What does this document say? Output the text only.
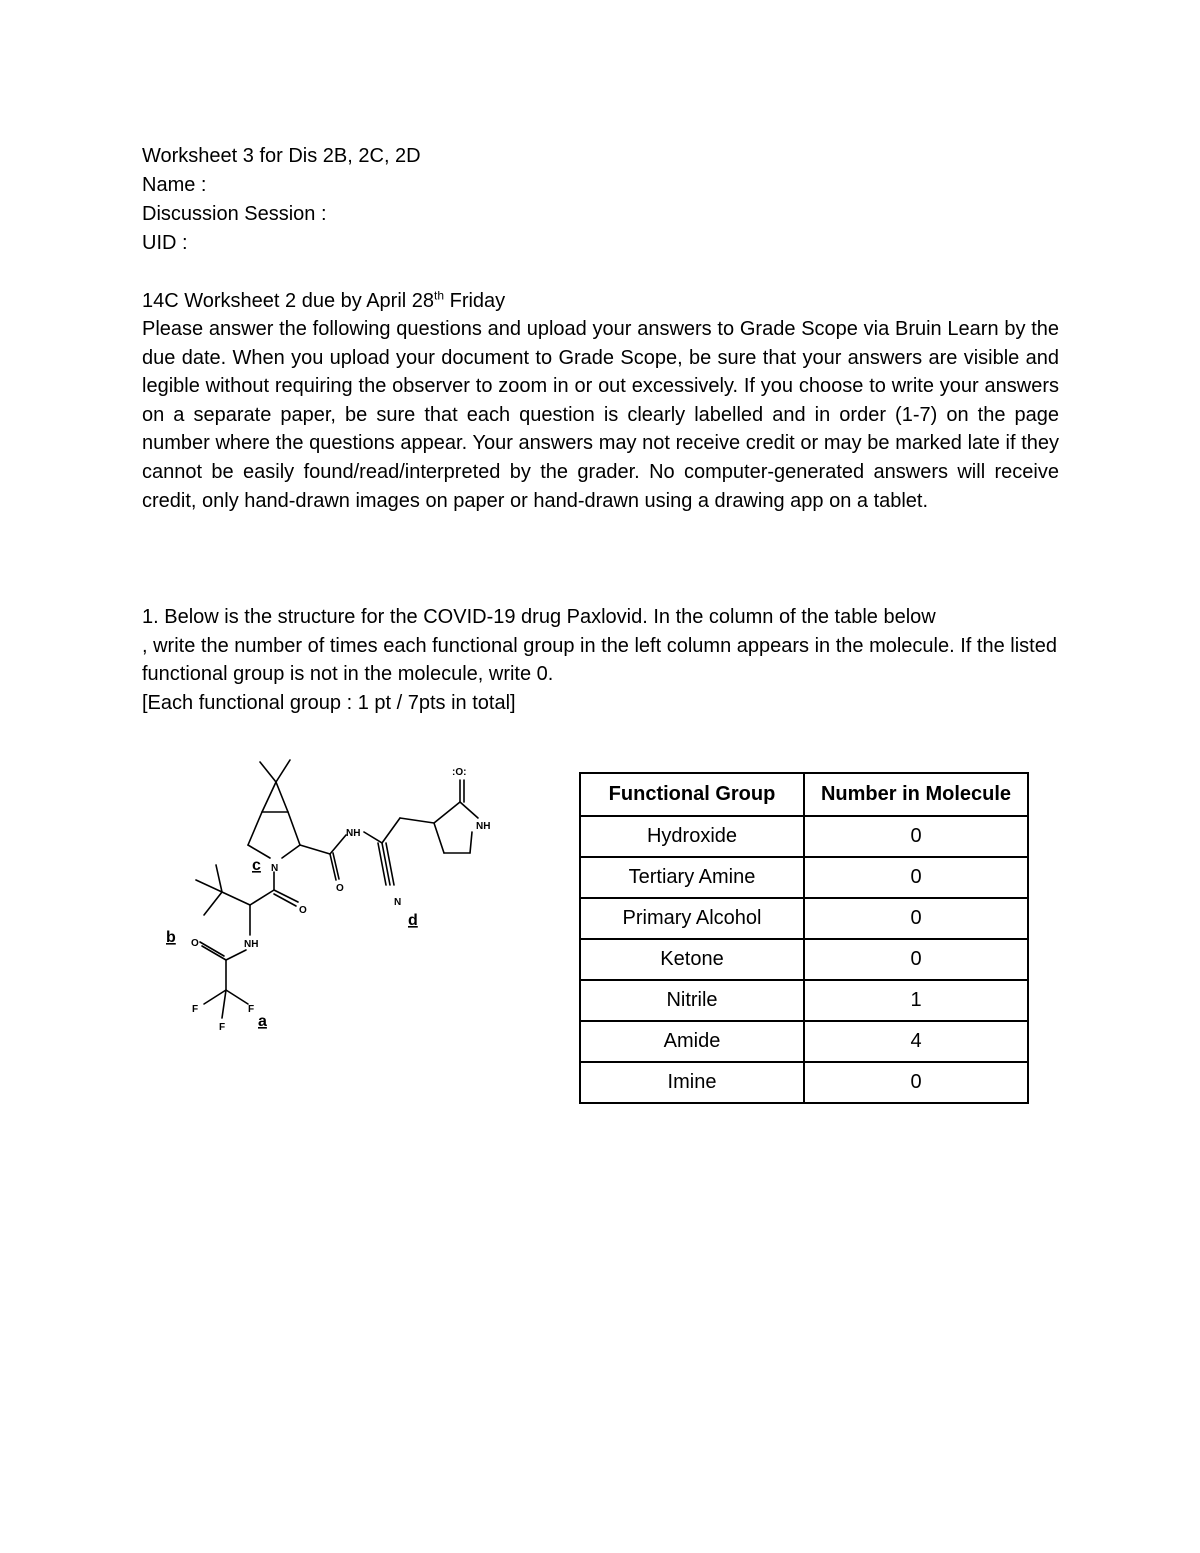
Worksheet 3 for Dis 2B, 2C, 2D
Name :
Discussion Session :
UID :
14C Worksheet 2 due by April 28th Friday
Please answer the following questions and upload your answers to Grade Scope via Bruin Learn by the due date. When you upload your document to Grade Scope, be sure that your answers are visible and legible without requiring the observer to zoom in or out excessively. If you choose to write your answers on a separate paper, be sure that each question is clearly labelled and in order (1-7) on the page number where the questions appear. Your answers may not receive credit or may be marked late if they cannot be easily found/read/interpreted by the grader. No computer-generated answers will receive credit, only hand-drawn images on paper or hand-drawn using a drawing app on a tablet.

1. Below is the structure for the COVID-19 drug Paxlovid. In the column of the table below

, write the number of times each functional group in the left column appears in the molecule. If the listed functional group is not in the molecule, write 0.

[Each functional group : 1 pt / 7pts in total]

:O:
NH
NH
N
N
O
O
O	NH
F	F
F a
b
c
d
Functional Group	Number in Molecule
Hydroxide	0
Tertiary Amine	0
Primary Alcohol	0
Ketone	0
Nitrile	1
Amide	4
Imine	0
